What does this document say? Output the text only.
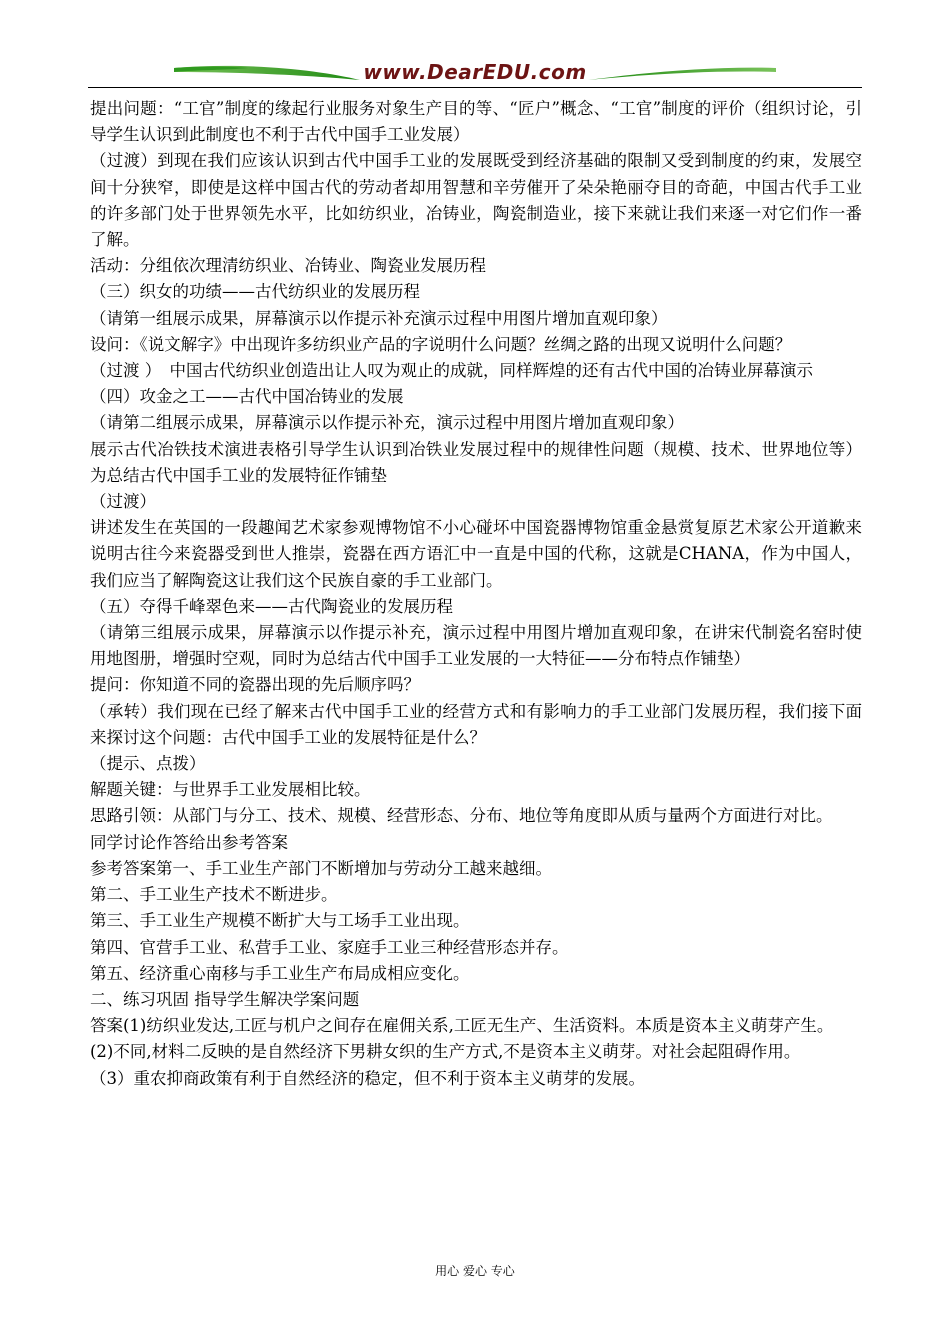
www.DearEDU.com

提出问题：“工官”制度的缘起行业服务对象生产目的等、“匠户”概念、“工官”制度的评价（组织讨论，引导学生认识到此制度也不利于古代中国手工业发展）

（过渡）到现在我们应该认识到古代中国手工业的发展既受到经济基础的限制又受到制度的约束，发展空间十分狭窄，即使是这样中国古代的劳动者却用智慧和辛劳催开了朵朵艳丽夺目的奇葩，中国古代手工业的许多部门处于世界领先水平，比如纺织业，冶铸业，陶瓷制造业，接下来就让我们来逐一对它们作一番了解。

活动：分组依次理清纺织业、冶铸业、陶瓷业发展历程

（三）织女的功绩——古代纺织业的发展历程

（请第一组展示成果，屏幕演示以作提示补充演示过程中用图片增加直观印象）

设问：《说文解字》中出现许多纺织业产品的字说明什么问题？丝绸之路的出现又说明什么问题？

（过渡 ）　中国古代纺织业创造出让人叹为观止的成就，同样辉煌的还有古代中国的冶铸业屏幕演示

（四）攻金之工——古代中国冶铸业的发展

（请第二组展示成果，屏幕演示以作提示补充，演示过程中用图片增加直观印象）

展示古代冶铁技术演进表格引导学生认识到冶铁业发展过程中的规律性问题（规模、技术、世界地位等）为总结古代中国手工业的发展特征作铺垫

（过渡）

讲述发生在英国的一段趣闻艺术家参观博物馆不小心碰坏中国瓷器博物馆重金悬赏复原艺术家公开道歉来说明古往今来瓷器受到世人推崇，瓷器在西方语汇中一直是中国的代称，这就是CHANA，作为中国人，我们应当了解陶瓷这让我们这个民族自豪的手工业部门。

（五）夺得千峰翠色来——古代陶瓷业的发展历程

（请第三组展示成果，屏幕演示以作提示补充，演示过程中用图片增加直观印象，在讲宋代制瓷名窑时使用地图册，增强时空观，同时为总结古代中国手工业发展的一大特征——分布特点作铺垫）

提问：你知道不同的瓷器出现的先后顺序吗？

（承转）我们现在已经了解来古代中国手工业的经营方式和有影响力的手工业部门发展历程，我们接下面来探讨这个问题：古代中国手工业的发展特征是什么？

（提示、点拨）

解题关键：与世界手工业发展相比较。

思路引领：从部门与分工、技术、规模、经营形态、分布、地位等角度即从质与量两个方面进行对比。

同学讨论作答给出参考答案

参考答案第一、手工业生产部门不断增加与劳动分工越来越细。

第二、手工业生产技术不断进步。

第三、手工业生产规模不断扩大与工场手工业出现。

第四、官营手工业、私营手工业、家庭手工业三种经营形态并存。

第五、经济重心南移与手工业生产布局成相应变化。

二、练习巩固 指导学生解决学案问题

答案(1)纺织业发达,工匠与机户之间存在雇佣关系,工匠无生产、生活资料。本质是资本主义萌芽产生。

(2)不同,材料二反映的是自然经济下男耕女织的生产方式,不是资本主义萌芽。对社会起阻碍作用。

（3）重农抑商政策有利于自然经济的稳定，但不利于资本主义萌芽的发展。

用心 爱心 专心
